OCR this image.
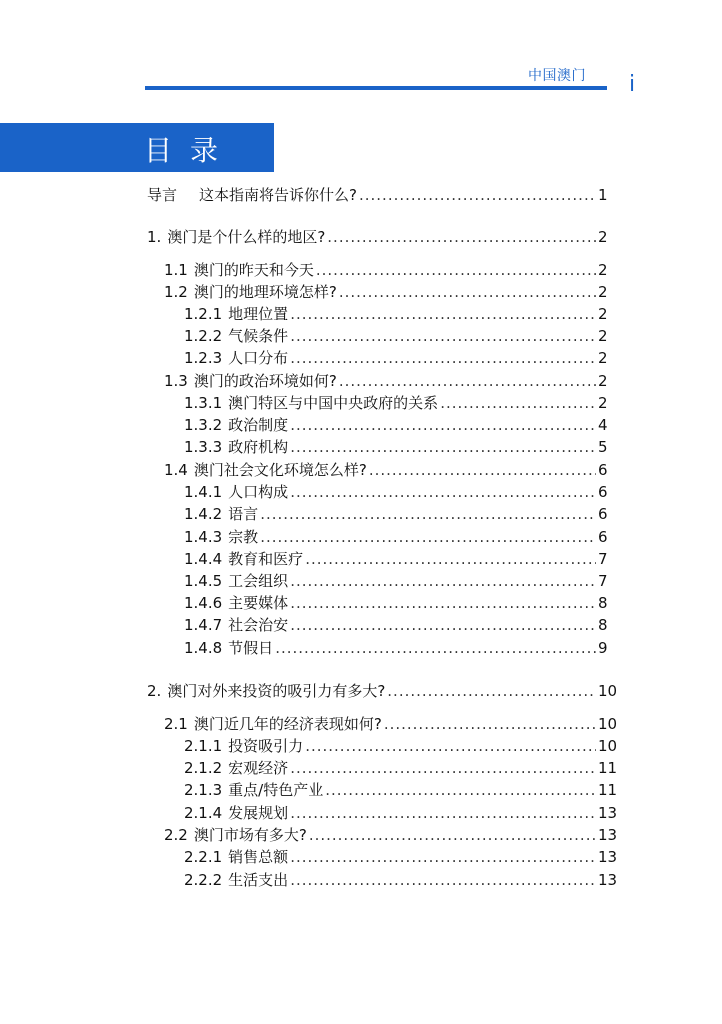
中国澳门 i
目录
导言	这本指南将告诉你什么? .....	1
1. 澳门是个什么样的地区? .....	2
1.1 澳门的昨天和今天 .....	2
1.2 澳门的地理环境怎样? .....	2
1.2.1 地理位置 .....	2
1.2.2 气候条件 .....	2
1.2.3 人口分布 .....	2
1.3 澳门的政治环境如何? .....	2
1.3.1 澳门特区与中国中央政府的关系 .....	2
1.3.2 政治制度 .....	4
1.3.3 政府机构 .....	5
1.4 澳门社会文化环境怎么样? .....	6
1.4.1 人口构成 .....	6
1.4.2 语言 .....	6
1.4.3 宗教 .....	6
1.4.4 教育和医疗 .....	7
1.4.5 工会组织 .....	7
1.4.6 主要媒体 .....	8
1.4.7 社会治安 .....	8
1.4.8 节假日 .....	9
2. 澳门对外来投资的吸引力有多大? .....	10
2.1 澳门近几年的经济表现如何? .....	10
2.1.1 投资吸引力 .....	10
2.1.2 宏观经济 .....	11
2.1.3 重点/特色产业 .....	11
2.1.4 发展规划 .....	13
2.2 澳门市场有多大? .....	13
2.2.1 销售总额 .....	13
2.2.2 生活支出 .....	13
